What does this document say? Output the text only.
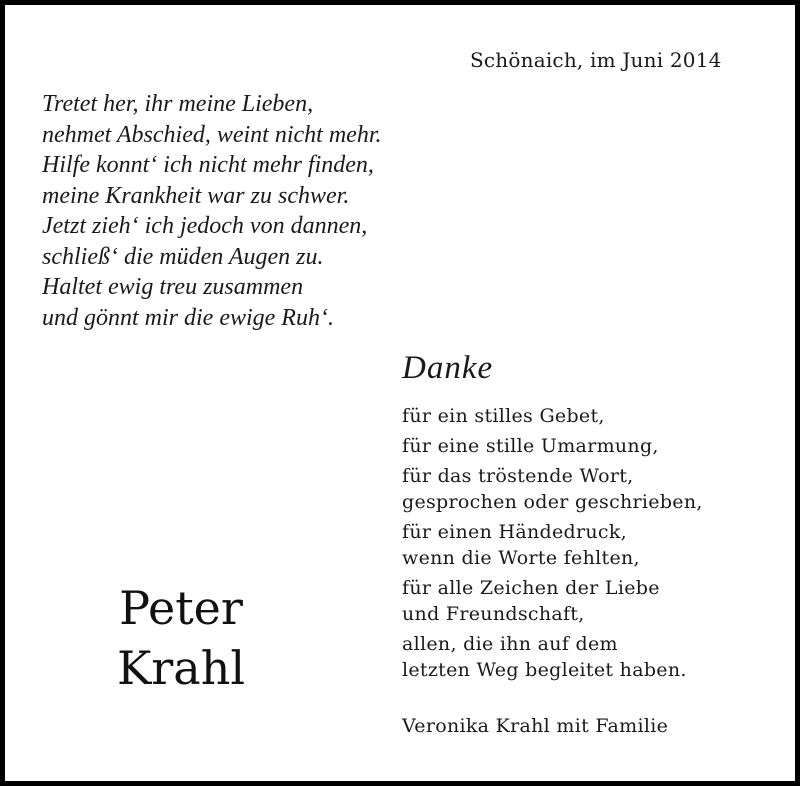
Schönaich, im Juni 2014
Tretet her, ihr meine Lieben,
nehmet Abschied, weint nicht mehr.
Hilfe konnt‘ ich nicht mehr finden,
meine Krankheit war zu schwer.
Jetzt zieh‘ ich jedoch von dannen,
schließ‘ die müden Augen zu.
Haltet ewig treu zusammen
und gönnt mir die ewige Ruh‘.
Danke
für ein stilles Gebet,
für eine stille Umarmung,
für das tröstende Wort,
gesprochen oder geschrieben,
für einen Händedruck,
wenn die Worte fehlten,
für alle Zeichen der Liebe
und Freundschaft,
allen, die ihn auf dem
letzten Weg begleitet haben.
Veronika Krahl mit Familie
Peter
Krahl
